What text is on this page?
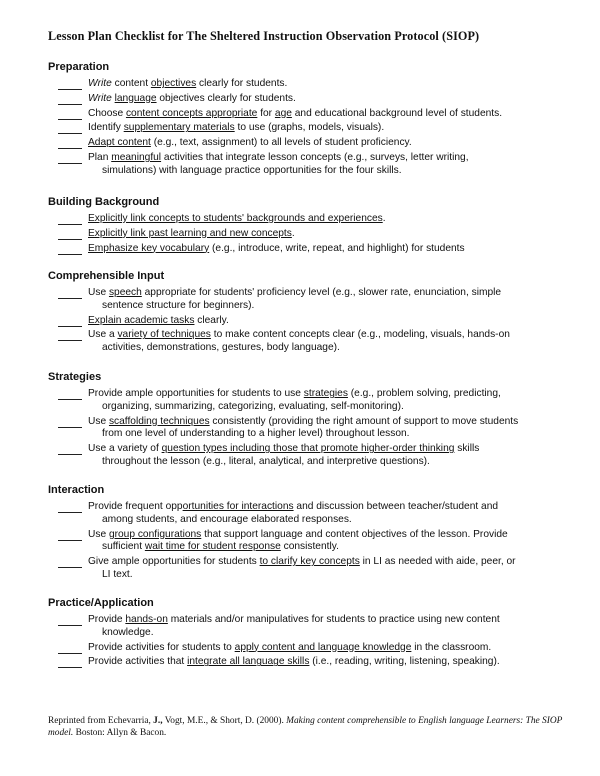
Lesson Plan Checklist for The Sheltered Instruction Observation Protocol (SIOP)
Preparation
Write content objectives clearly for students.
Write language objectives clearly for students.
Choose content concepts appropriate for age and educational background level of students.
Identify supplementary materials to use (graphs, models, visuals).
Adapt content (e.g., text, assignment) to all levels of student proficiency.
Plan meaningful activities that integrate lesson concepts (e.g., surveys, letter writing,
simulations) with language practice opportunities for the four skills.
Building Background
Explicitly link concepts to students' backgrounds and experiences.
Explicitly link past learning and new concepts.
Emphasize key vocabulary (e.g., introduce, write, repeat, and highlight) for students
Comprehensible Input
Use speech appropriate for students' proficiency level (e.g., slower rate, enunciation, simple
sentence structure for beginners).
Explain academic tasks clearly.
Use a variety of techniques to make content concepts clear (e.g., modeling, visuals, hands-on
activities, demonstrations, gestures, body language).
Strategies
Provide ample opportunities for students to use strategies (e.g., problem solving, predicting,
organizing, summarizing, categorizing, evaluating, self-monitoring).
Use scaffolding techniques consistently (providing the right amount of support to move students
from one level of understanding to a higher level) throughout lesson.
Use a variety of question types including those that promote higher-order thinking skills
throughout the lesson (e.g., literal, analytical, and interpretive questions).
Interaction
Provide frequent opportunities for interactions and discussion between teacher/student and
among students, and encourage elaborated responses.
Use group configurations that support language and content objectives of the lesson. Provide
sufficient wait time for student response consistently.
Give ample opportunities for students to clarify key concepts in LI as needed with aide, peer, or
LI text.
Practice/Application
Provide hands-on materials and/or manipulatives for students to practice using new content
knowledge.
Provide activities for students to apply content and language knowledge in the classroom.
Provide activities that integrate all language skills (i.e., reading, writing, listening, speaking).
Reprinted from Echevarria, J., Vogt, M.E., & Short, D. (2000). Making content comprehensible to English language Learners: The SIOP model. Boston: Allyn & Bacon.
